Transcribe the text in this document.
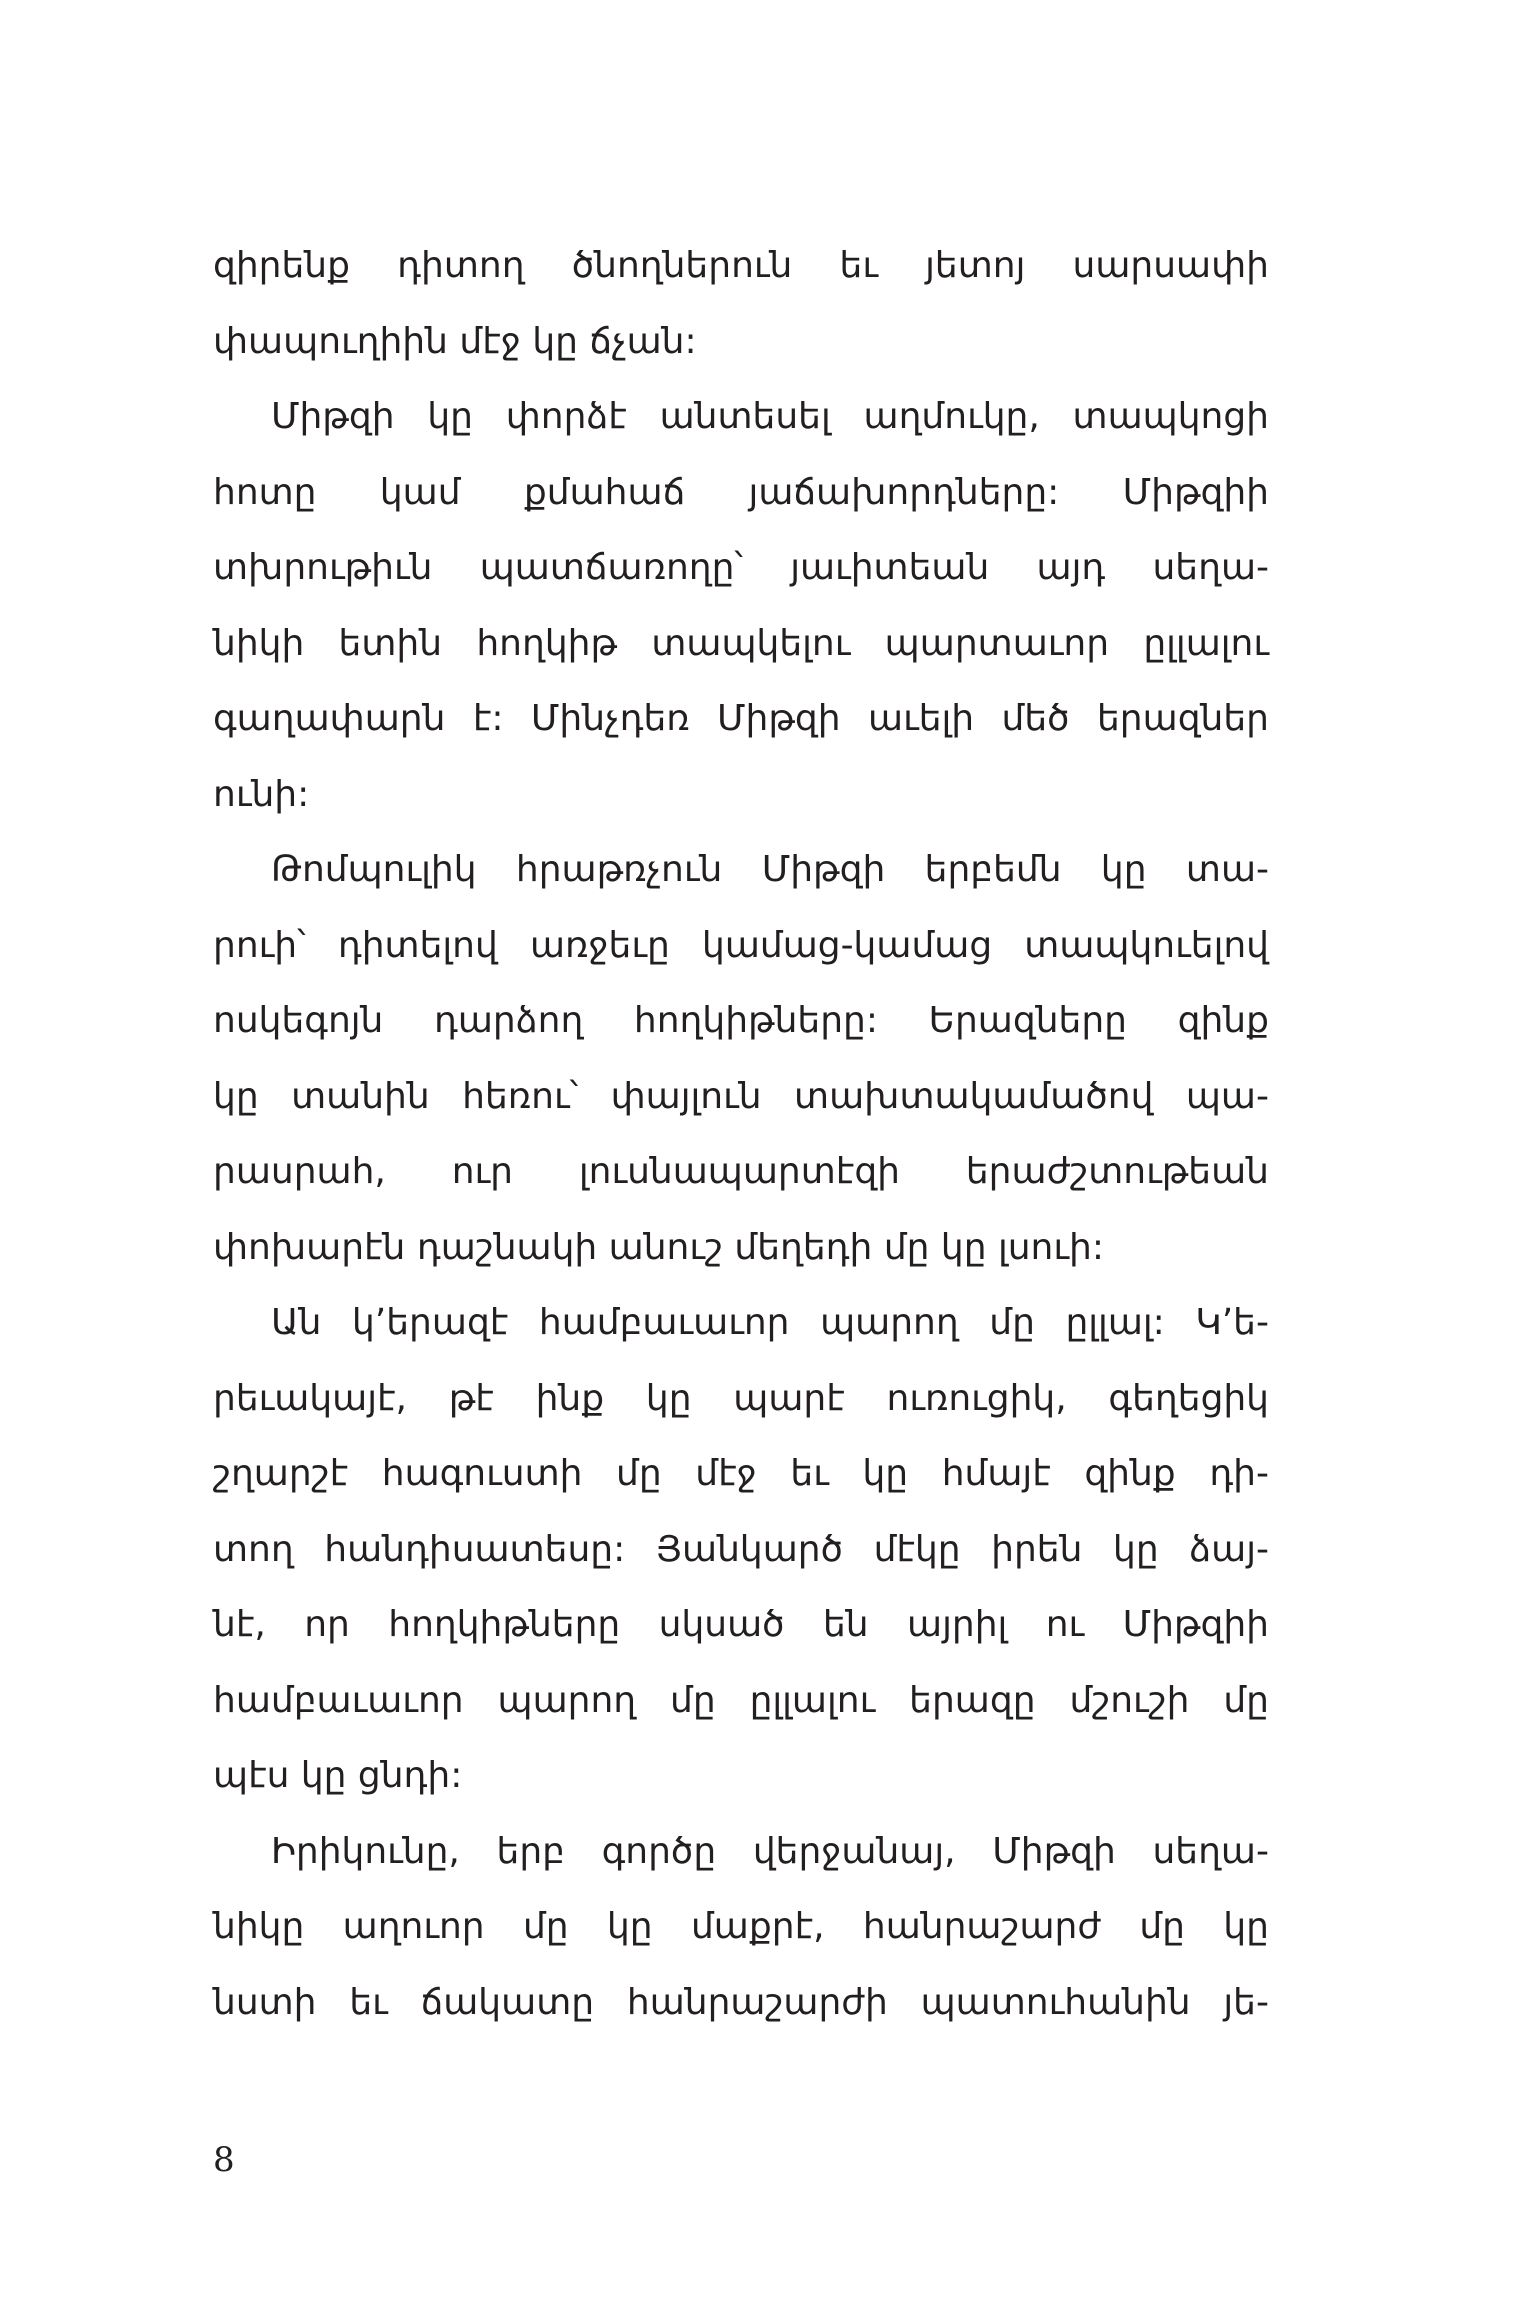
զիրենք դիտող ծնողներուն եւ յետոյ սարսափի
փապուղիին մէջ կը ճչան:
Միթզի կը փորձէ անտեսել աղմուկը, տապկոցի
հոտը կամ քմահաճ յաճախորդները: Միթզիի
տխրութիւն պատճառողը՝ յաւիտեան այդ սեղա-
նիկի ետին հողկիթ տապկելու պարտաւոր ըլլալու
գաղափարն է: Մինչդեռ Միթզի աւելի մեծ երազներ
ունի:
Թոմպուլիկ հրաթռչուն Միթզի երբեմն կը տա-
րուի՝ դիտելով առջեւը կամաց-կամաց տապկուելով
ոսկեգոյն դարձող հողկիթները: Երազները զինք
կը տանին հեռու՝ փայլուն տախտակամածով պա-
րասրահ, ուր լուսնապարտէզի երաժշտութեան
փոխարէն դաշնակի անուշ մեղեդի մը կը լսուի:
Ան կ’երազէ համբաւաւոր պարող մը ըլլալ: Կ’ե-
րեւակայէ, թէ ինք կը պարէ ուռուցիկ, գեղեցիկ
շղարշէ հագուստի մը մէջ եւ կը հմայէ զինք դի-
տող հանդիսատեսը: Յանկարծ մէկը իրեն կը ձայ-
նէ, որ հողկիթները սկսած են այրիլ ու Միթզիի
համբաւաւոր պարող մը ըլլալու երազը մշուշի մը
պէս կը ցնդի:
Իրիկունը, երբ գործը վերջանայ, Միթզի սեղա-
նիկը աղուոր մը կը մաքրէ, հանրաշարժ մը կը
նստի եւ ճակատը հանրաշարժի պատուհանին յե-
8
